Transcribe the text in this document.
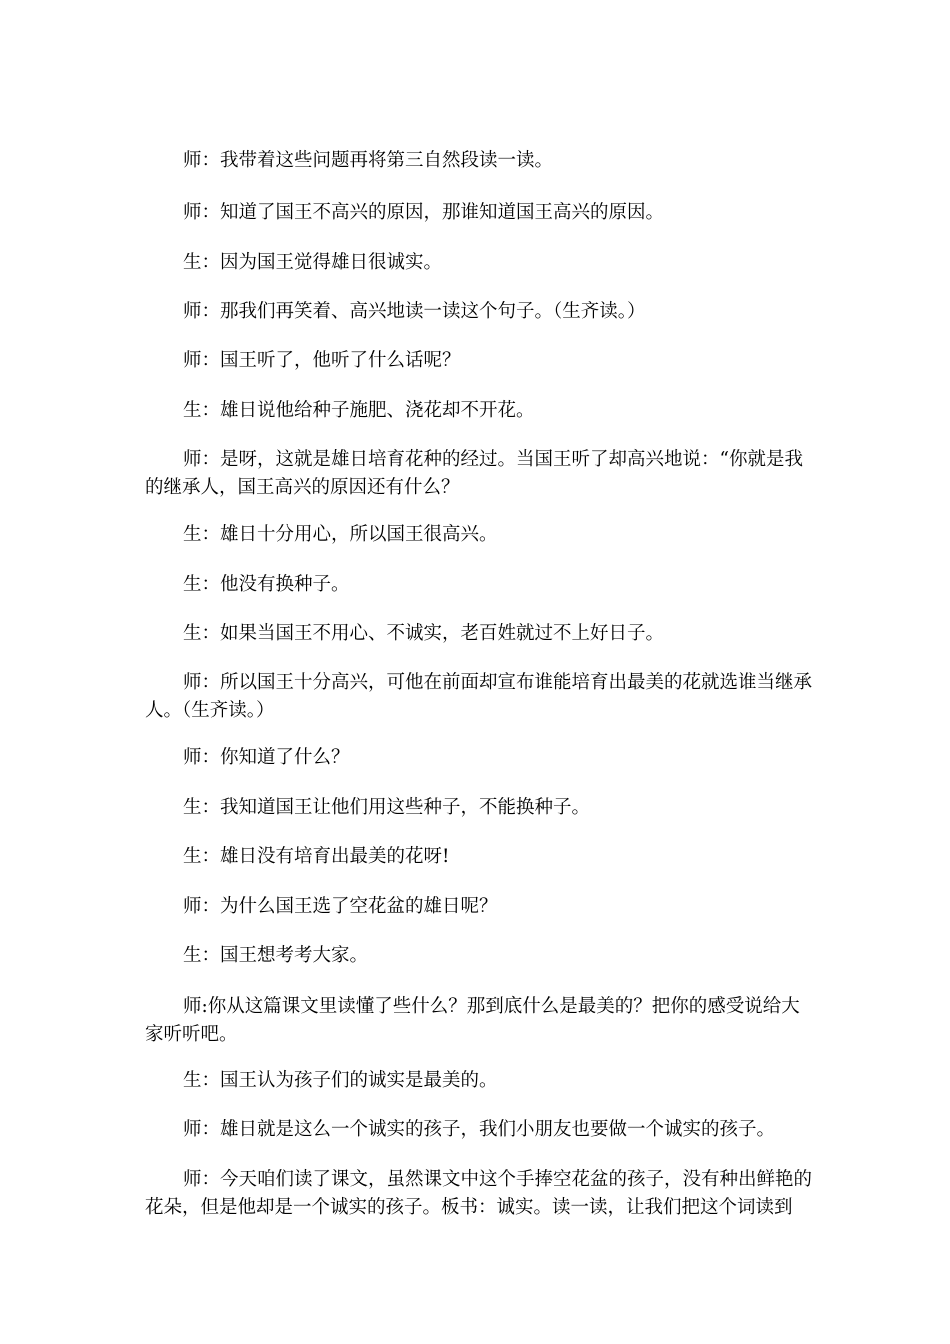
师：我带着这些问题再将第三自然段读一读。

师：知道了国王不高兴的原因，那谁知道国王高兴的原因。

生：因为国王觉得雄日很诚实。

师：那我们再笑着、高兴地读一读这个句子。（生齐读。）

师：国王听了，他听了什么话呢？

生：雄日说他给种子施肥、浇花却不开花。

师：是呀，这就是雄日培育花种的经过。当国王听了却高兴地说：“你就是我的继承人，国王高兴的原因还有什么？

生：雄日十分用心，所以国王很高兴。

生：他没有换种子。

生：如果当国王不用心、不诚实，老百姓就过不上好日子。

师：所以国王十分高兴，可他在前面却宣布谁能培育出最美的花就选谁当继承人。（生齐读。）

师：你知道了什么？

生：我知道国王让他们用这些种子，不能换种子。

生：雄日没有培育出最美的花呀!

师：为什么国王选了空花盆的雄日呢？

生：国王想考考大家。

师:你从这篇课文里读懂了些什么？那到底什么是最美的？把你的感受说给大家听听吧。

生：国王认为孩子们的诚实是最美的。

师：雄日就是这么一个诚实的孩子，我们小朋友也要做一个诚实的孩子。

师：今天咱们读了课文，虽然课文中这个手捧空花盆的孩子，没有种出鲜艳的花朵，但是他却是一个诚实的孩子。板书：诚实。读一读，让我们把这个词读到
